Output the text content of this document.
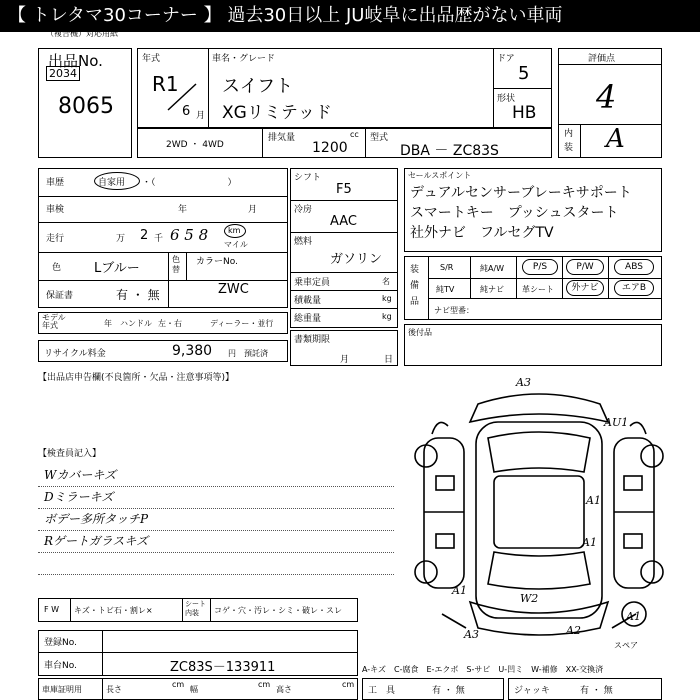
【 トレタマ30コーナー 】 過去30日以上 JU岐阜に出品歴がない車両
（複合機）対応用紙
出品No.
2034
8065
年式
R1
6 月
車名・グレード
スイフト
XGリミテッド
ドア
5
形状
HB
評価点
4
内装 A
2WD ・ 4WD
排気量	cc
1200
型式
DBA － ZC83S
車歴	自家用 ・（　　　　　　　　）
車検	年	月
走行	万 2 千 6 5 8 km
マイル
色	Lブルー
色替
カラーNo.
ZWC
保証書	有 ・ 無
モデル年式	年 ハンドル 左・右	ディーラー・並行
シフト
F5
冷房
AAC
燃料
ガソリン
乗車定員	名
積載量	kg
総重量	kg
書類期限
月	日
セールスポイント
デュアルセンサーブレーキサポート
スマートキー　プッシュスタート
社外ナビ　フルセグTV
装備品
S/R	純A/W	P/S	P/W	ABS
純TV	純ナビ 革シート	外ナビ	エアB
ナビ型番：
後付品
リサイクル料金	9,380 円 預託済
【出品店申告欄(不良箇所・欠品・注意事項等)】
【検査員記入】
Wカバーキズ
Dミラーキズ
ボデー多所タッチP
Rゲートガラスキズ
A3
AU1
A1
A1
A1
W2
A3	A2
A1
スペア
F W キズ・トビ石・割レ×
シート内装	コゲ・穴・汚レ・シミ・破レ・スレ
登録No.
車台No.	ZC83S－133911	A-キズ　C-腐食　E-エクボ　S-サビ　U-凹ミ　W-補修　XX-交換済
車庫証明用	長さ
cm
幅
cm
高さ
cm
工　具	有 ・ 無	ジャッキ	有 ・ 無
